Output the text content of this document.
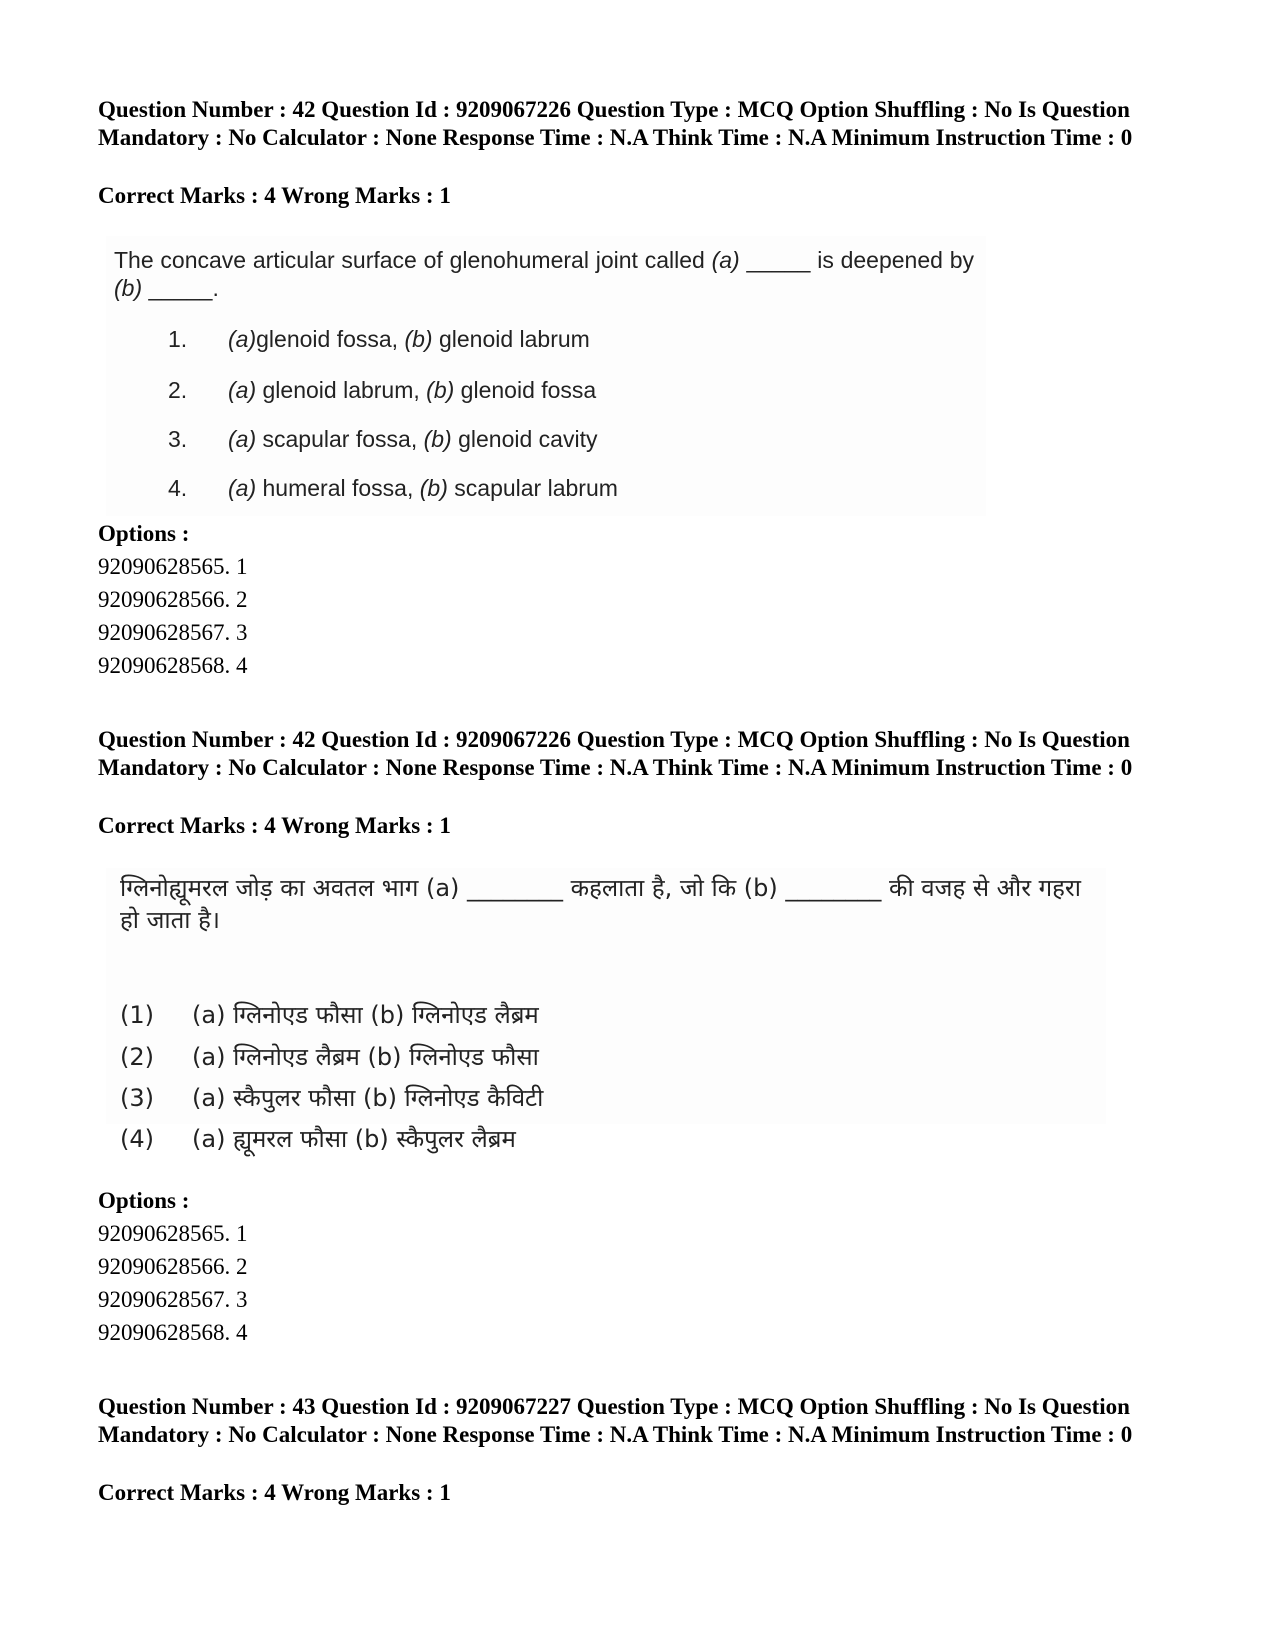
Question Number : 42 Question Id : 9209067226 Question Type : MCQ Option Shuffling : No Is Question Mandatory : No Calculator : None Response Time : N.A Think Time : N.A Minimum Instruction Time : 0
Correct Marks : 4 Wrong Marks : 1
The concave articular surface of glenohumeral joint called (a) _____ is deepened by (b) _____.
1. (a)glenoid fossa, (b) glenoid labrum
2. (a) glenoid labrum, (b) glenoid fossa
3. (a) scapular fossa, (b) glenoid cavity
4. (a) humeral fossa, (b) scapular labrum
Options :
92090628565. 1
92090628566. 2
92090628567. 3
92090628568. 4
Question Number : 42 Question Id : 9209067226 Question Type : MCQ Option Shuffling : No Is Question Mandatory : No Calculator : None Response Time : N.A Think Time : N.A Minimum Instruction Time : 0
Correct Marks : 4 Wrong Marks : 1
ग्लिनोह्यूमरल जोड़ का अवतल भाग (a) ________ कहलाता है, जो कि (b) ________ की वजह से और गहरा हो जाता है।
(1) (a) ग्लिनोएड फौसा (b) ग्लिनोएड लैब्रम
(2) (a) ग्लिनोएड लैब्रम (b) ग्लिनोएड फौसा
(3) (a) स्कैपुलर फौसा (b) ग्लिनोएड कैविटी
(4) (a) ह्यूमरल फौसा (b) स्कैपुलर लैब्रम
Options :
92090628565. 1
92090628566. 2
92090628567. 3
92090628568. 4
Question Number : 43 Question Id : 9209067227 Question Type : MCQ Option Shuffling : No Is Question Mandatory : No Calculator : None Response Time : N.A Think Time : N.A Minimum Instruction Time : 0
Correct Marks : 4 Wrong Marks : 1
